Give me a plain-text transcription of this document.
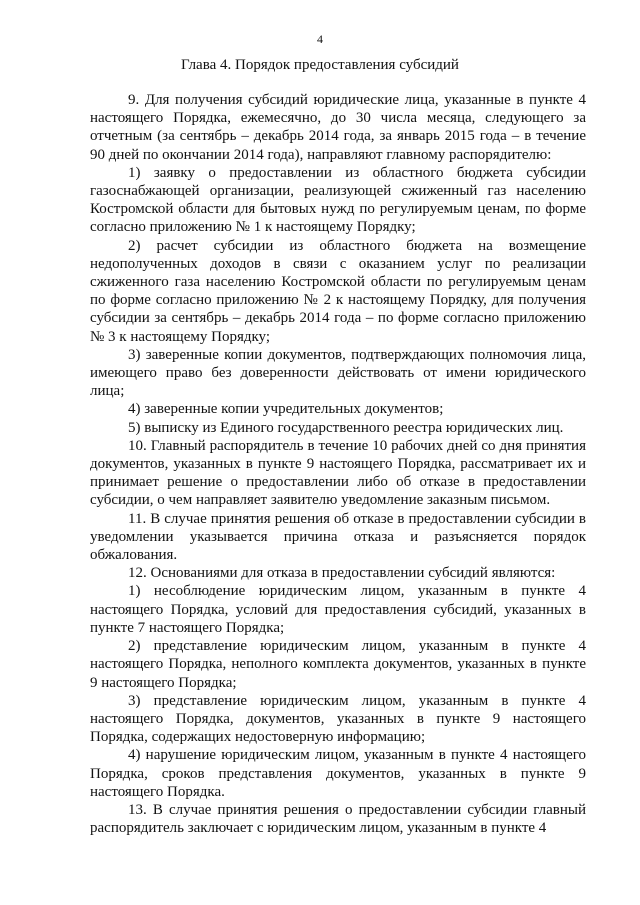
4
Глава 4. Порядок предоставления субсидий

9. Для получения субсидий юридические лица, указанные в пункте 4 настоящего Порядка, ежемесячно, до 30 числа месяца, следующего за отчетным (за сентябрь – декабрь 2014 года, за январь 2015 года – в течение 90 дней по окончании 2014 года), направляют главному распорядителю:

1) заявку о предоставлении из областного бюджета субсидии газоснабжающей организации, реализующей сжиженный газ населению Костромской области для бытовых нужд по регулируемым ценам, по форме согласно приложению № 1 к настоящему Порядку;

2) расчет субсидии из областного бюджета на возмещение недополученных доходов в связи с оказанием услуг по реализации сжиженного газа населению Костромской области по регулируемым ценам по форме согласно приложению № 2 к настоящему Порядку, для получения субсидии за сентябрь – декабрь 2014 года – по форме согласно приложению № 3 к настоящему Порядку;

3) заверенные копии документов, подтверждающих полномочия лица, имеющего право без доверенности действовать от имени юридического лица;

4) заверенные копии учредительных документов;

5) выписку из Единого государственного реестра юридических лиц.

10. Главный распорядитель в течение 10 рабочих дней со дня принятия документов, указанных в пункте 9 настоящего Порядка, рассматривает их и принимает решение о предоставлении либо об отказе в предоставлении субсидии, о чем направляет заявителю уведомление заказным письмом.

11. В случае принятия решения об отказе в предоставлении субсидии в уведомлении указывается причина отказа и разъясняется порядок обжалования.

12. Основаниями для отказа в предоставлении субсидий являются:

1) несоблюдение юридическим лицом, указанным в пункте 4 настоящего Порядка, условий для предоставления субсидий, указанных в пункте 7 настоящего Порядка;

2) представление юридическим лицом, указанным в пункте 4 настоящего Порядка, неполного комплекта документов, указанных в пункте 9 настоящего Порядка;

3) представление юридическим лицом, указанным в пункте 4 настоящего Порядка, документов, указанных в пункте 9 настоящего Порядка, содержащих недостоверную информацию;

4) нарушение юридическим лицом, указанным в пункте 4 настоящего Порядка, сроков представления документов, указанных в пункте 9 настоящего Порядка.

13. В случае принятия решения о предоставлении субсидии главный распорядитель заключает с юридическим лицом, указанным в пункте 4
